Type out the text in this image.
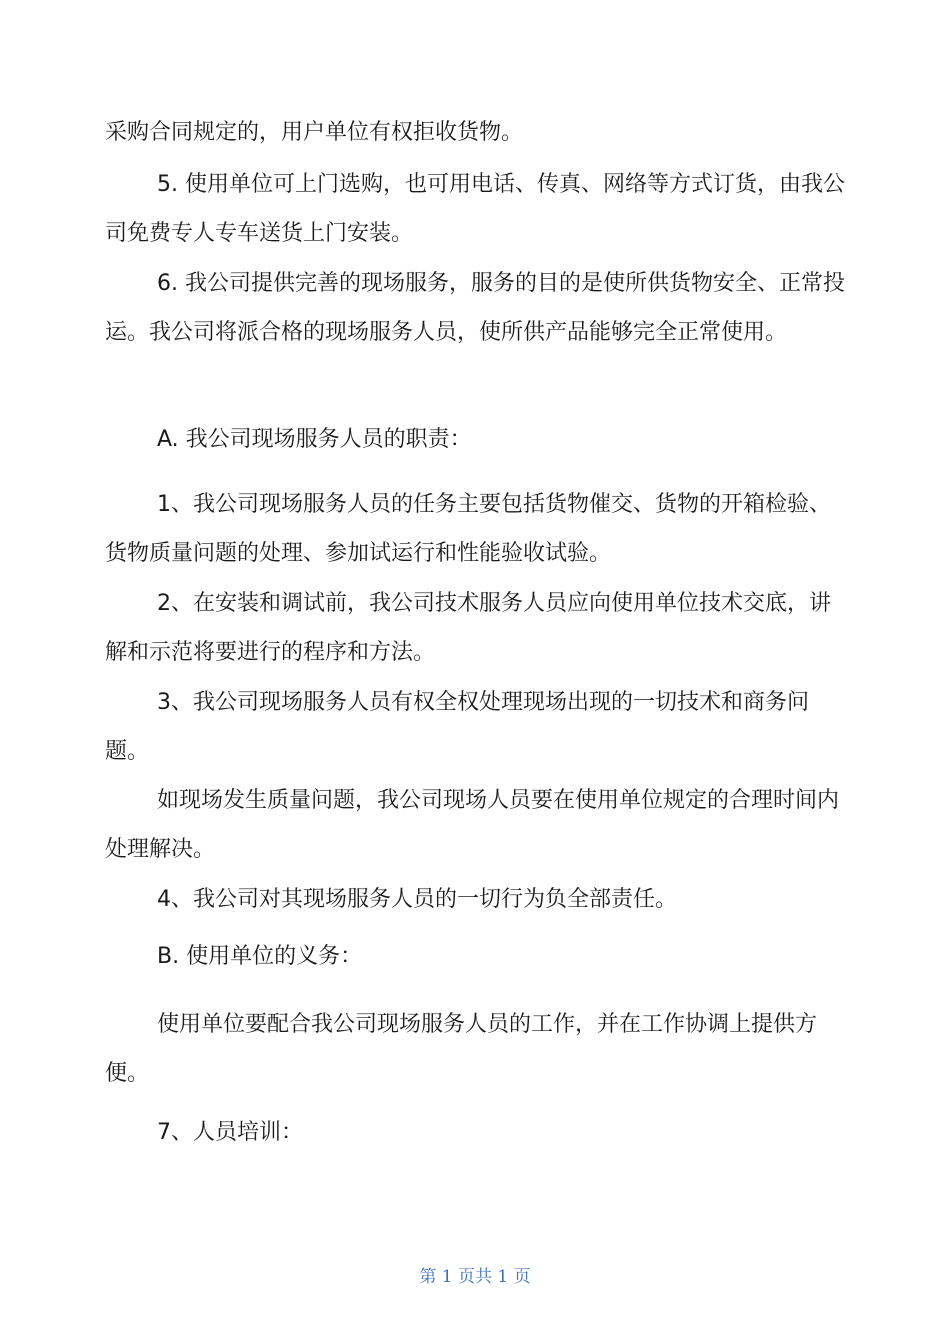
采购合同规定的，用户单位有权拒收货物。

5. 使用单位可上门选购，也可用电话、传真、网络等方式订货，由我公司免费专人专车送货上门安装。

6. 我公司提供完善的现场服务，服务的目的是使所供货物安全、正常投运。我公司将派合格的现场服务人员，使所供产品能够完全正常使用。

A. 我公司现场服务人员的职责：

1、我公司现场服务人员的任务主要包括货物催交、货物的开箱检验、货物质量问题的处理、参加试运行和性能验收试验。

2、在安装和调试前，我公司技术服务人员应向使用单位技术交底，讲解和示范将要进行的程序和方法。

3、我公司现场服务人员有权全权处理现场出现的一切技术和商务问题。

如现场发生质量问题，我公司现场人员要在使用单位规定的合理时间内处理解决。

4、我公司对其现场服务人员的一切行为负全部责任。

B. 使用单位的义务：

使用单位要配合我公司现场服务人员的工作，并在工作协调上提供方便。

7、人员培训：

第 1 页共 1 页
